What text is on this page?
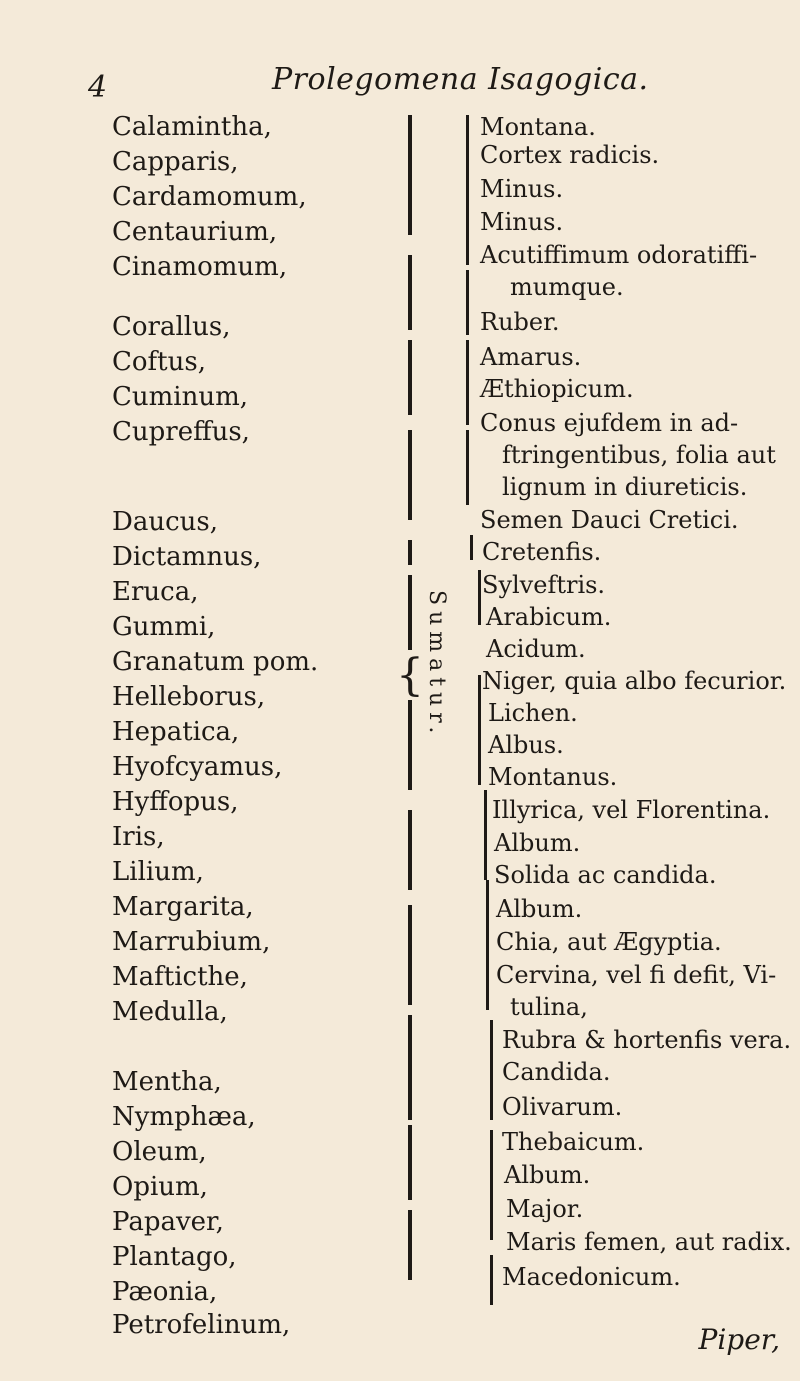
4	Prolegomena Isagogica.
Calamintha,
Capparis,
Cardamomum,
Centaurium,
Cinamomum,
Corallus,
Coftus,
Cuminum,
Cupreffus,
Daucus,
Dictamnus,
Eruca,
Gummi,
Granatum pom.
Helleborus,
Hepatica,
Hyofcyamus,
Hyffopus,
Iris,
Lilium,
Margarita,
Marrubium,
Mafticthe,
Medulla,
Mentha,
Nymphæa,
Oleum,
Opium,
Papaver,
Plantago,
Pæonia,
Petrofelinum,
{ Sumatur.
Montana.
Cortex radicis.
Minus.
Minus.
Acutiffimum odoratiffi-
mumque.
Ruber.
Amarus.
Æthiopicum.
Conus ejufdem in ad-
ftringentibus, folia aut
lignum in diureticis.
Semen Dauci Cretici.
Cretenfis.
Sylveftris.
Arabicum.
Acidum.
Niger, quia albo fecurior.
Lichen.
Albus.
Montanus.
Illyrica, vel Florentina.
Album.
Solida ac candida.
Album.
Chia, aut Ægyptia.
Cervina, vel fi defit, Vi-
tulina,
Rubra & hortenfis vera.
Candida.
Olivarum.
Thebaicum.
Album.
Major.
Maris femen, aut radix.
Macedonicum.
Piper,
